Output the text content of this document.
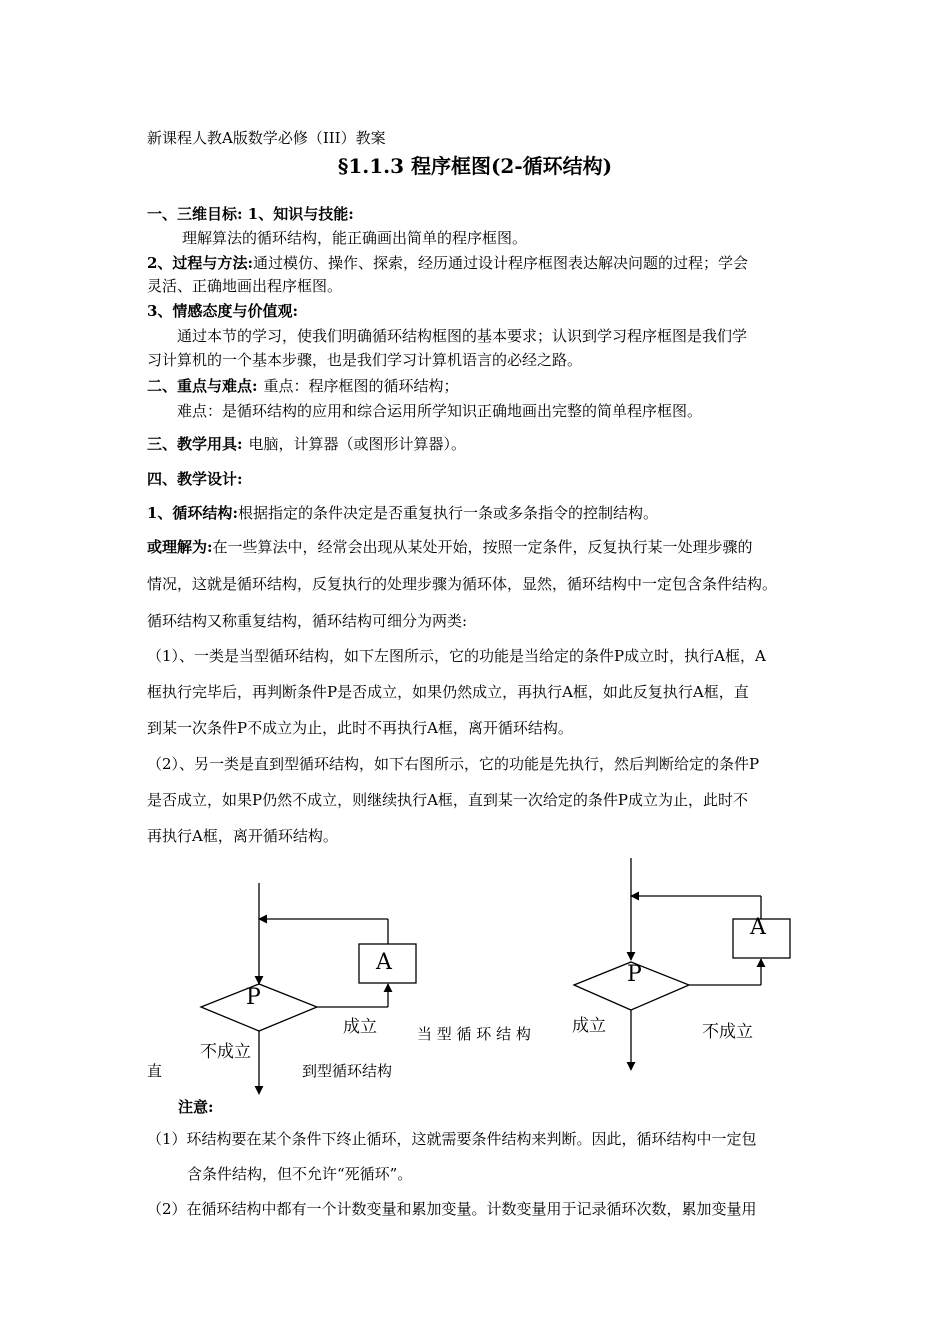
新课程人教A版数学必修（III）教案
§1.1.3 程序框图(2-循环结构)
一、三维目标: 1、知识与技能:
理解算法的循环结构，能正确画出简单的程序框图。
2、过程与方法:通过模仿、操作、探索，经历通过设计程序框图表达解决问题的过程；学会
灵活、正确地画出程序框图。
3、情感态度与价值观:
通过本节的学习，使我们明确循环结构框图的基本要求；认识到学习程序框图是我们学
习计算机的一个基本步骤，也是我们学习计算机语言的必经之路。
二、重点与难点: 重点：程序框图的循环结构；
难点：是循环结构的应用和综合运用所学知识正确地画出完整的简单程序框图。
三、教学用具: 电脑，计算器（或图形计算器）。
四、教学设计:
1、循环结构:根据指定的条件决定是否重复执行一条或多条指令的控制结构。
或理解为:在一些算法中，经常会出现从某处开始，按照一定条件，反复执行某一处理步骤的
情况，这就是循环结构，反复执行的处理步骤为循环体，显然，循环结构中一定包含条件结构。
循环结构又称重复结构，循环结构可细分为两类:
（1）、一类是当型循环结构，如下左图所示，它的功能是当给定的条件P成立时，执行A框，A
框执行完毕后，再判断条件P是否成立，如果仍然成立，再执行A框，如此反复执行A框，直
到某一次条件P不成立为止，此时不再执行A框，离开循环结构。
（2）、另一类是直到型循环结构，如下右图所示，它的功能是先执行，然后判断给定的条件P
是否成立，如果P仍然不成立，则继续执行A框，直到某一次给定的条件P成立为止，此时不
再执行A框，离开循环结构。
A
P
成立
不成立
当 型 循 环 结 构
A
P
成立	不成立
直	到型循环结构
注意:
（1）环结构要在某个条件下终止循环，这就需要条件结构来判断。因此，循环结构中一定包
含条件结构，但不允许“死循环”。
（2）在循环结构中都有一个计数变量和累加变量。计数变量用于记录循环次数，累加变量用
